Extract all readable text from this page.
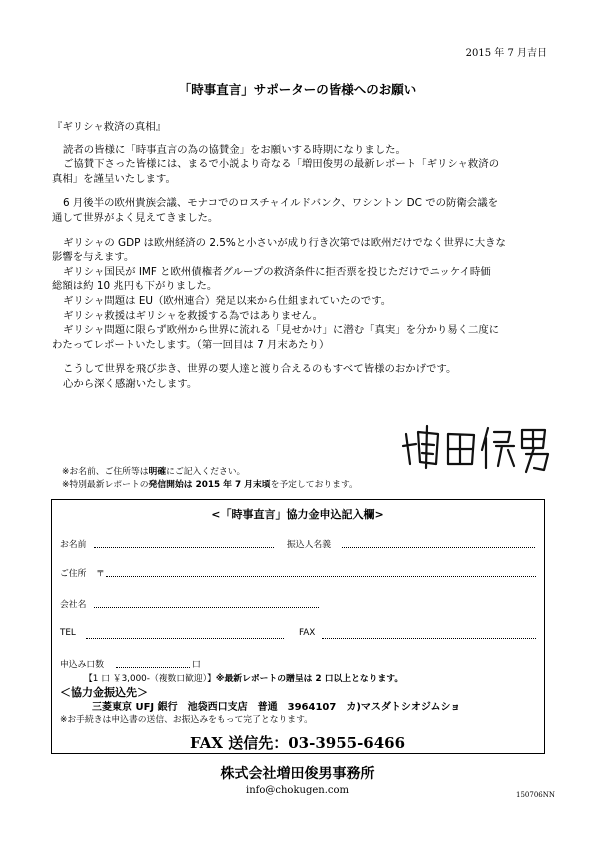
2015 年 7 月吉日
「時事直言」サポーターの皆様へのお願い

『ギリシャ救済の真相』

読者の皆様に「時事直言の為の協賛金」をお願いする時期になりました。

ご協賛下さった皆様には、まるで小説より奇なる「増田俊男の最新レポート「ギリシャ救済の

真相」を謹呈いたします。

6 月後半の欧州貴族会議、モナコでのロスチャイルドバンク、ワシントン DC での防衛会議を

通して世界がよく見えてきました。

ギリシャの GDP は欧州経済の 2.5%と小さいが成り行き次第では欧州だけでなく世界に大きな

影響を与えます。

ギリシャ国民が IMF と欧州債権者グループの救済条件に拒否票を投じただけでニッケイ時価

総額は約 10 兆円も下がりました。

ギリシャ問題は EU（欧州連合）発足以来から仕組まれていたのです。

ギリシャ救援はギリシャを救援する為ではありません。

ギリシャ問題に限らず欧州から世界に流れる「見せかけ」に潜む「真実」を分かり易く二度に

わたってレポートいたします。（第一回目は 7 月末あたり）

こうして世界を飛び歩き、世界の要人達と渡り合えるのもすべて皆様のおかげです。

心から深く感謝いたします。

※お名前、ご住所等は明確にご記入ください。
※特別最新レポートの発信開始は 2015 年 7 月末頃を予定しております。
<「時事直言」協力金申込記入欄>
お名前	振込人名義
ご住所 〒
会社名
TEL	FAX
申込み口数	口
【1 口 ￥3,000-（複数口歓迎）】※最新レポートの贈呈は 2 口以上となります。
＜協力金振込先＞
三菱東京 UFJ 銀行　池袋西口支店　普通　3964107　カ)マスダトシオジムショ
※お手続きは申込書の送信、お振込みをもって完了となります。
FAX 送信先：03-3955-6466
株式会社増田俊男事務所
info@chokugen.com	150706NN
